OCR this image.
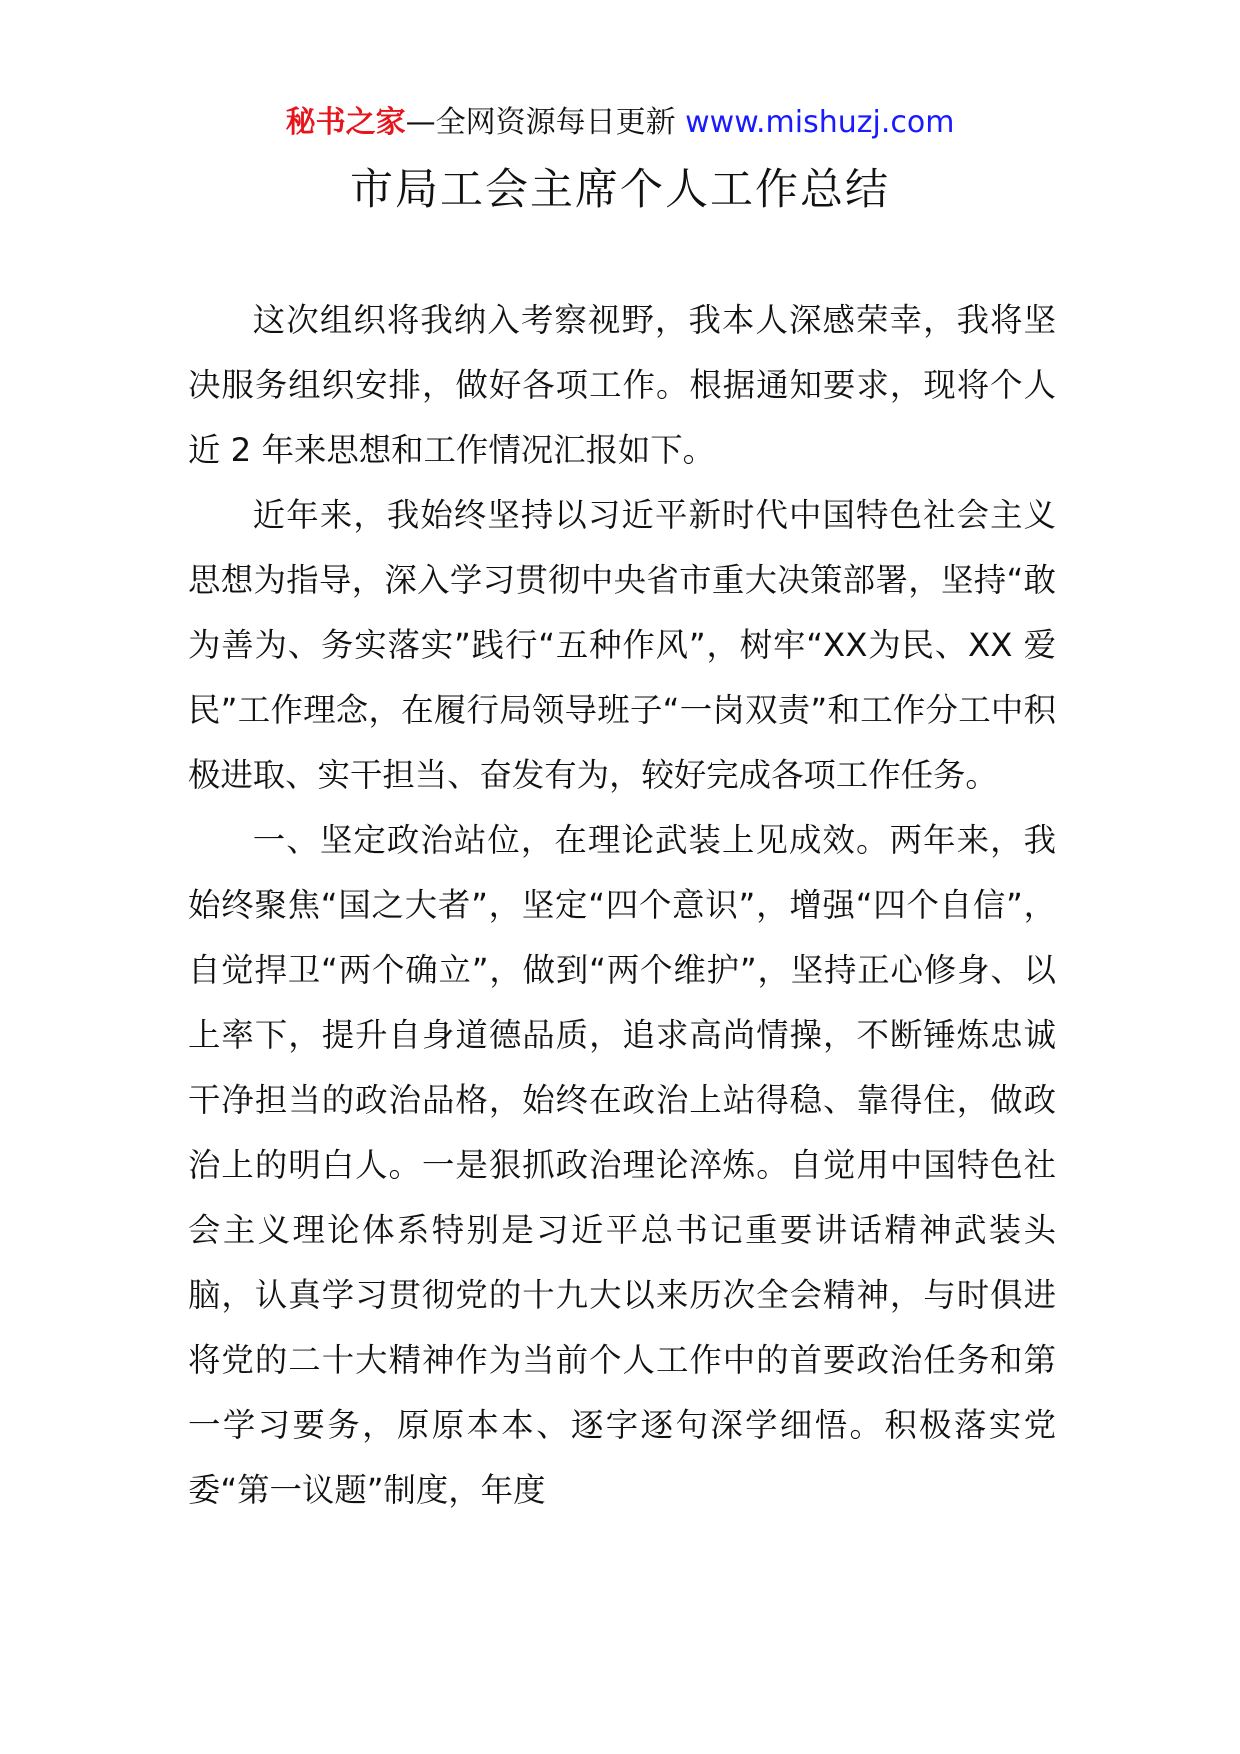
秘书之家—全网资源每日更新 www.mishuzj.com
市局工会主席个人工作总结

这次组织将我纳入考察视野，我本人深感荣幸，我将坚决服务组织安排，做好各项工作。根据通知要求，现将个人近 2 年来思想和工作情况汇报如下。

近年来，我始终坚持以习近平新时代中国特色社会主义思想为指导，深入学习贯彻中央省市重大决策部署，坚持“敢为善为、务实落实”践行“五种作风”，树牢“XX为民、XX 爱民”工作理念，在履行局领导班子“一岗双责”和工作分工中积极进取、实干担当、奋发有为，较好完成各项工作任务。

一、坚定政治站位，在理论武装上见成效。两年来，我始终聚焦“国之大者”，坚定“四个意识”，增强“四个自信”，自觉捍卫“两个确立”，做到“两个维护”，坚持正心修身、以上率下，提升自身道德品质，追求高尚情操，不断锤炼忠诚干净担当的政治品格，始终在政治上站得稳、靠得住，做政治上的明白人。一是狠抓政治理论淬炼。自觉用中国特色社会主义理论体系特别是习近平总书记重要讲话精神武装头脑，认真学习贯彻党的十九大以来历次全会精神，与时俱进将党的二十大精神作为当前个人工作中的首要政治任务和第一学习要务，原原本本、逐字逐句深学细悟。积极落实党委“第一议题”制度，年度
